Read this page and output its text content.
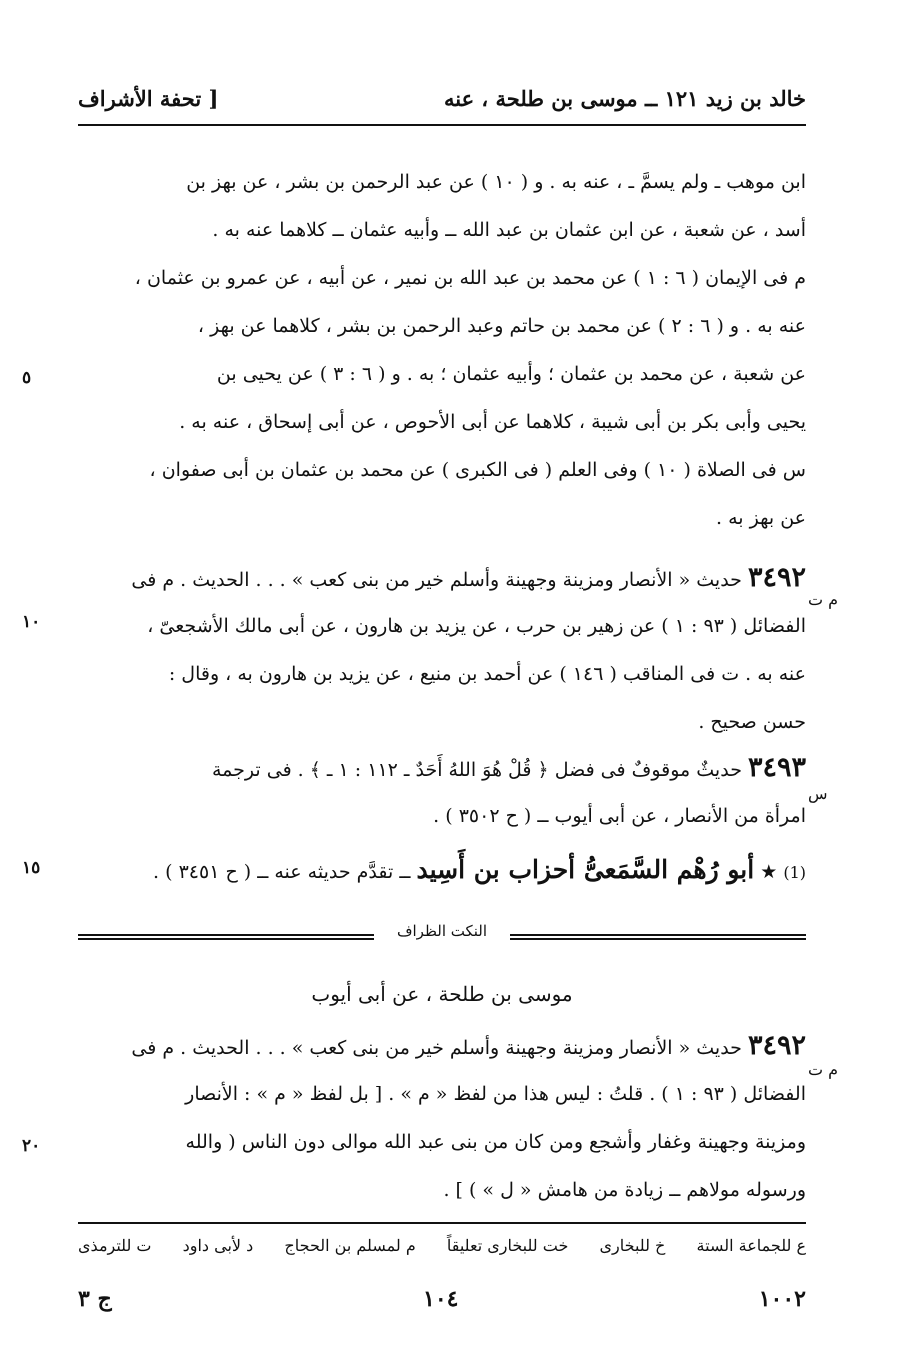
خالد بن زيد ١٢١ ــ موسى بن طلحة ، عنه
[ تحفة الأشراف
ابن موهب ـ ولم يسمَّ ـ ، عنه به . و ( ١٠ ) عن عبد الرحمن بن بشر ، عن بهز بن
أسد ، عن شعبة ، عن ابن عثمان بن عبد الله ــ وأبيه عثمان ــ كلاهما عنه به .
م فى الإيمان ( ٦ : ١ ) عن محمد بن عبد الله بن نمير ، عن أبيه ، عن عمرو بن عثمان ،
عنه به . و ( ٦ : ٢ ) عن محمد بن حاتم وعبد الرحمن بن بشر ، كلاهما عن بهز ،
عن شعبة ، عن محمد بن عثمان ؛ وأبيه عثمان ؛ به . و ( ٦ : ٣ ) عن يحيى بن
يحيى وأبى بكر بن أبى شيبة ، كلاهما عن أبى الأحوص ، عن أبى إسحاق ، عنه به .
س فى الصلاة ( ١٠ ) وفى العلم ( فى الكبرى ) عن محمد بن عثمان بن أبى صفوان ،
عن بهز به .
٥
٣٤٩٢ حديث « الأنصار ومزينة وجهينة وأسلم خير من بنى كعب » . . . الحديث . م فى
الفضائل ( ٩٣ : ١ ) عن زهير بن حرب ، عن يزيد بن هارون ، عن أبى مالك الأشجعىّ ،
عنه به . ت فى المناقب ( ١٤٦ ) عن أحمد بن منيع ، عن يزيد بن هارون به ، وقال :
حسن صحيح .
م ت
١٠
٣٤٩٣ حديثٌ موقوفٌ فى فضل ﴿ قُلْ هُوَ اللهُ أَحَدٌ ـ ١١٢ : ١ ـ ﴾ . فى ترجمة
امرأة من الأنصار ، عن أبى أيوب ــ ( ح ٣٥٠٢ ) .
س
(1) ★ أبو رُهْم السَّمَعىُّ أحزاب بن أَسِيد ــ تقدَّم حديثه عنه ــ ( ح ٣٤٥١ ) .
١٥
النكت الظراف
موسى بن طلحة ، عن أبى أيوب
٣٤٩٢ حديث « الأنصار ومزينة وجهينة وأسلم خير من بنى كعب » . . . الحديث . م فى
الفضائل ( ٩٣ : ١ ) . قلتُ : ليس هذا من لفظ « م » . [ بل لفظ « م » : الأنصار
ومزينة وجهينة وغفار وأشجع ومن كان من بنى عبد الله موالى دون الناس ( والله
ورسوله مولاهم ــ زيادة من هامش « ل » ) ] .
م ت
٢٠
ع للجماعة الستة
خ للبخارى
خت للبخارى تعليقاً
م لمسلم بن الحجاج
د لأبى داود
ت للترمذى
١٠٠٢
١٠٤
ج ٣
